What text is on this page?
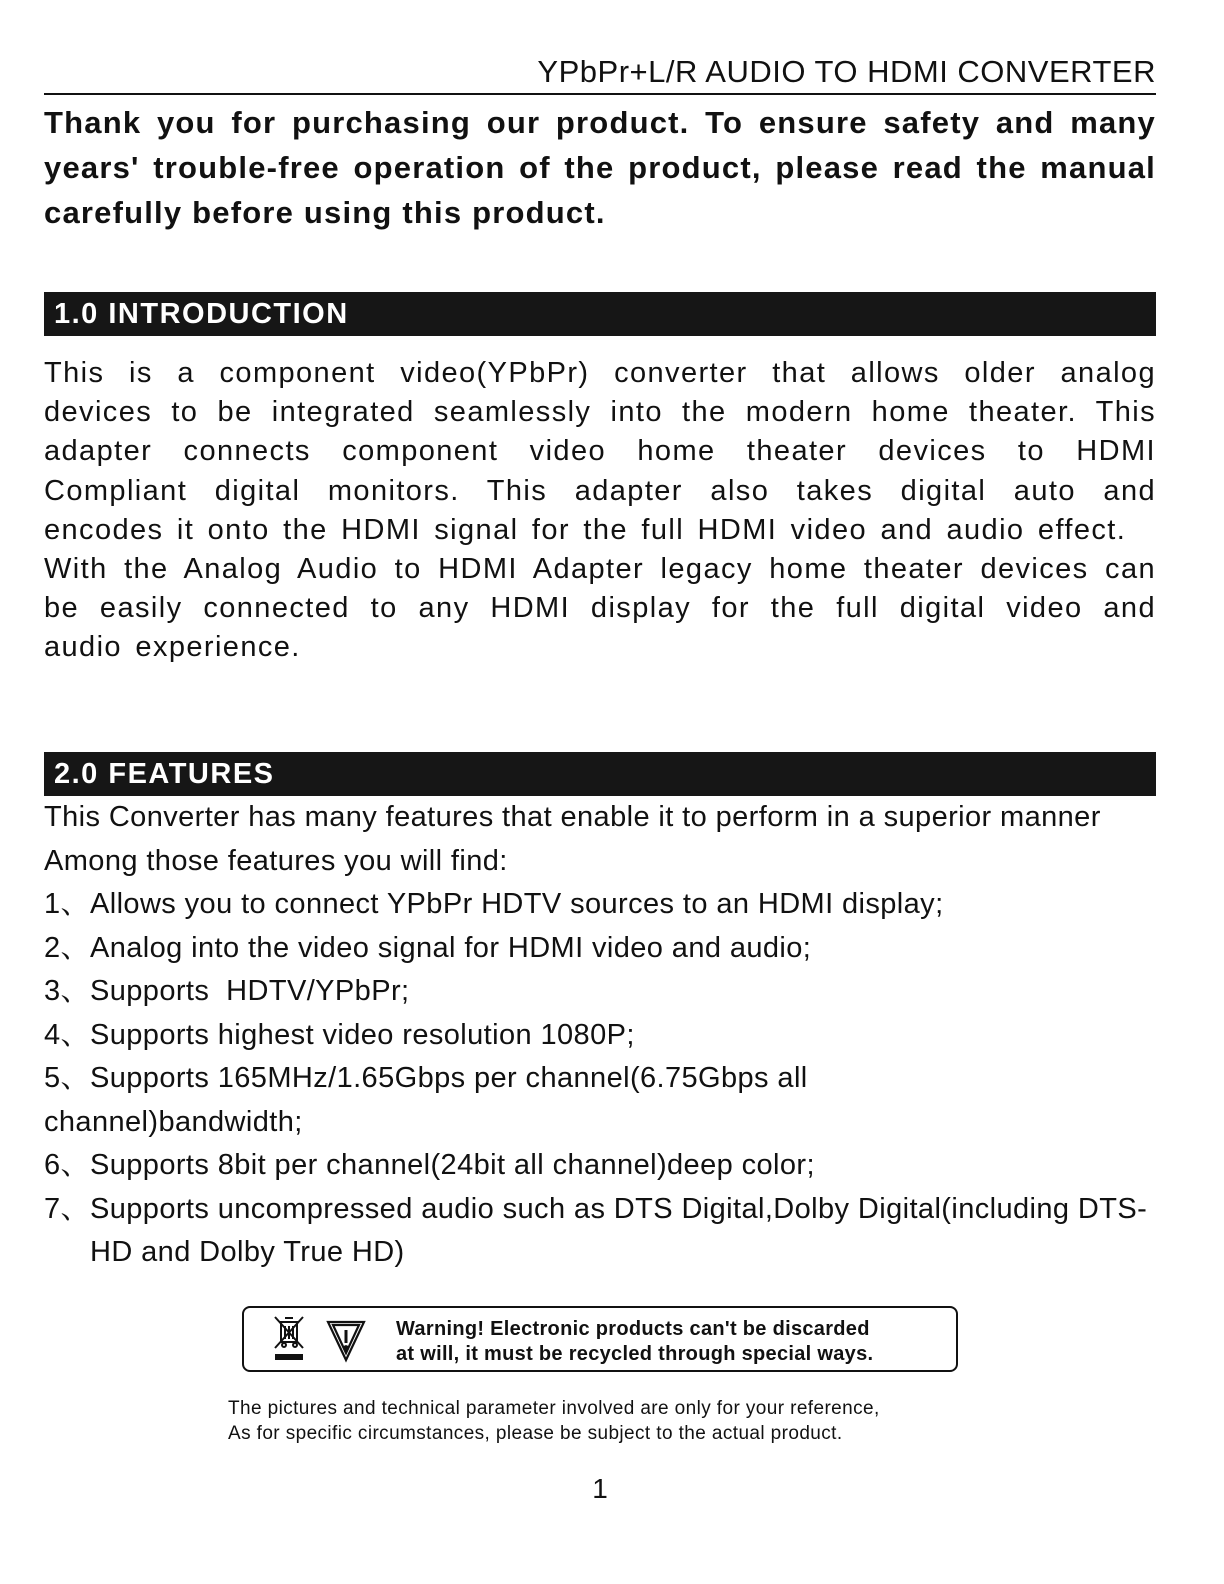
YPbPr+L/R AUDIO TO HDMI CONVERTER
Thank you for purchasing our product. To ensure safety and many years' trouble-free operation of the product, please read the manual carefully before using this product.
1.0 INTRODUCTION

This is a component video(YPbPr) converter that allows older analog devices to be integrated seamlessly into the modern home theater. This adapter connects component video home theater devices to HDMI Compliant digital monitors. This adapter also takes digital auto and encodes it onto the HDMI signal for the full HDMI video and audio effect.

With the Analog Audio to HDMI Adapter legacy home theater devices can be easily connected to any HDMI display for the full digital video and audio experience.

2.0 FEATURES

This Converter has many features that enable it to perform in a superior manner Among those features you will find:

1、Allows you to connect YPbPr HDTV sources to an HDMI display;
2、Analog into the video signal for HDMI video and audio;
3、Supports  HDTV/YPbPr;
4、Supports highest video resolution 1080P;
5、Supports 165MHz/1.65Gbps per channel(6.75Gbps all
channel)bandwidth;
6、Supports 8bit per channel(24bit all channel)deep color;
7、Supports uncompressed audio such as DTS Digital,Dolby Digital(including DTS-HD and Dolby True HD)
Warning! Electronic products can't be discarded
at will, it must be recycled through special ways.
The pictures and technical parameter involved are only for your reference,
As for specific circumstances, please be subject to the actual product.
1
